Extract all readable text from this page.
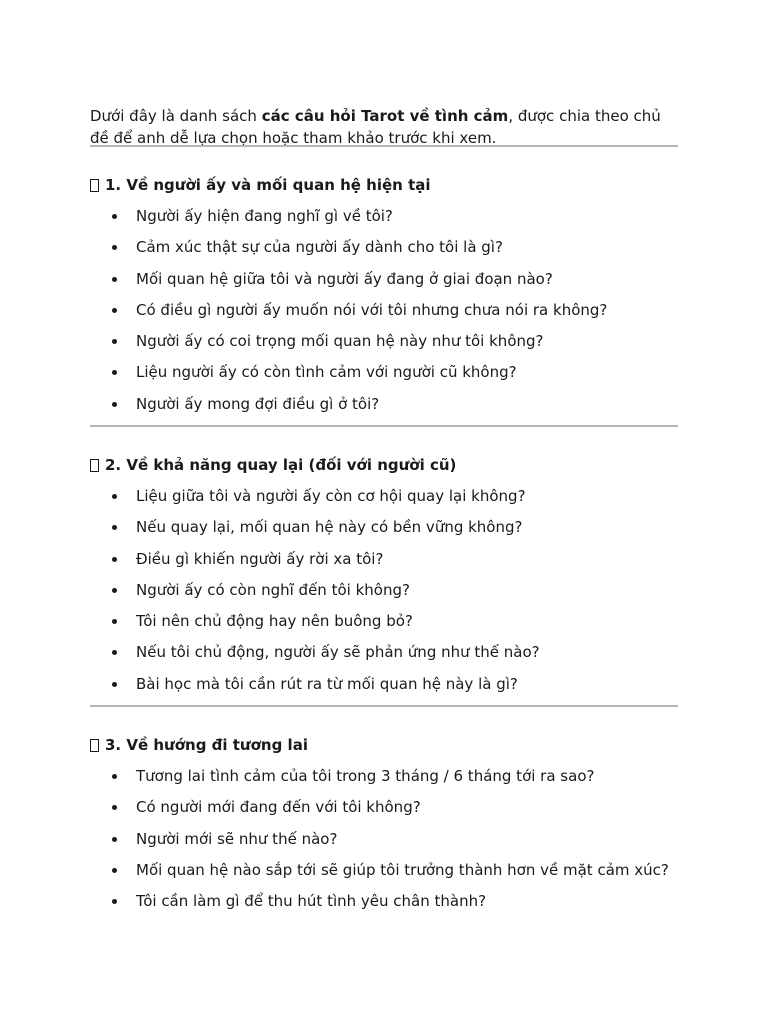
Dưới đây là danh sách các câu hỏi Tarot về tình cảm, được chia theo chủ đề để anh dễ lựa chọn hoặc tham khảo trước khi xem.

1. Về người ấy và mối quan hệ hiện tại
Người ấy hiện đang nghĩ gì về tôi?
Cảm xúc thật sự của người ấy dành cho tôi là gì?
Mối quan hệ giữa tôi và người ấy đang ở giai đoạn nào?
Có điều gì người ấy muốn nói với tôi nhưng chưa nói ra không?
Người ấy có coi trọng mối quan hệ này như tôi không?
Liệu người ấy có còn tình cảm với người cũ không?
Người ấy mong đợi điều gì ở tôi?
2. Về khả năng quay lại (đối với người cũ)
Liệu giữa tôi và người ấy còn cơ hội quay lại không?
Nếu quay lại, mối quan hệ này có bền vững không?
Điều gì khiến người ấy rời xa tôi?
Người ấy có còn nghĩ đến tôi không?
Tôi nên chủ động hay nên buông bỏ?
Nếu tôi chủ động, người ấy sẽ phản ứng như thế nào?
Bài học mà tôi cần rút ra từ mối quan hệ này là gì?
3. Về hướng đi tương lai
Tương lai tình cảm của tôi trong 3 tháng / 6 tháng tới ra sao?
Có người mới đang đến với tôi không?
Người mới sẽ như thế nào?
Mối quan hệ nào sắp tới sẽ giúp tôi trưởng thành hơn về mặt cảm xúc?
Tôi cần làm gì để thu hút tình yêu chân thành?
